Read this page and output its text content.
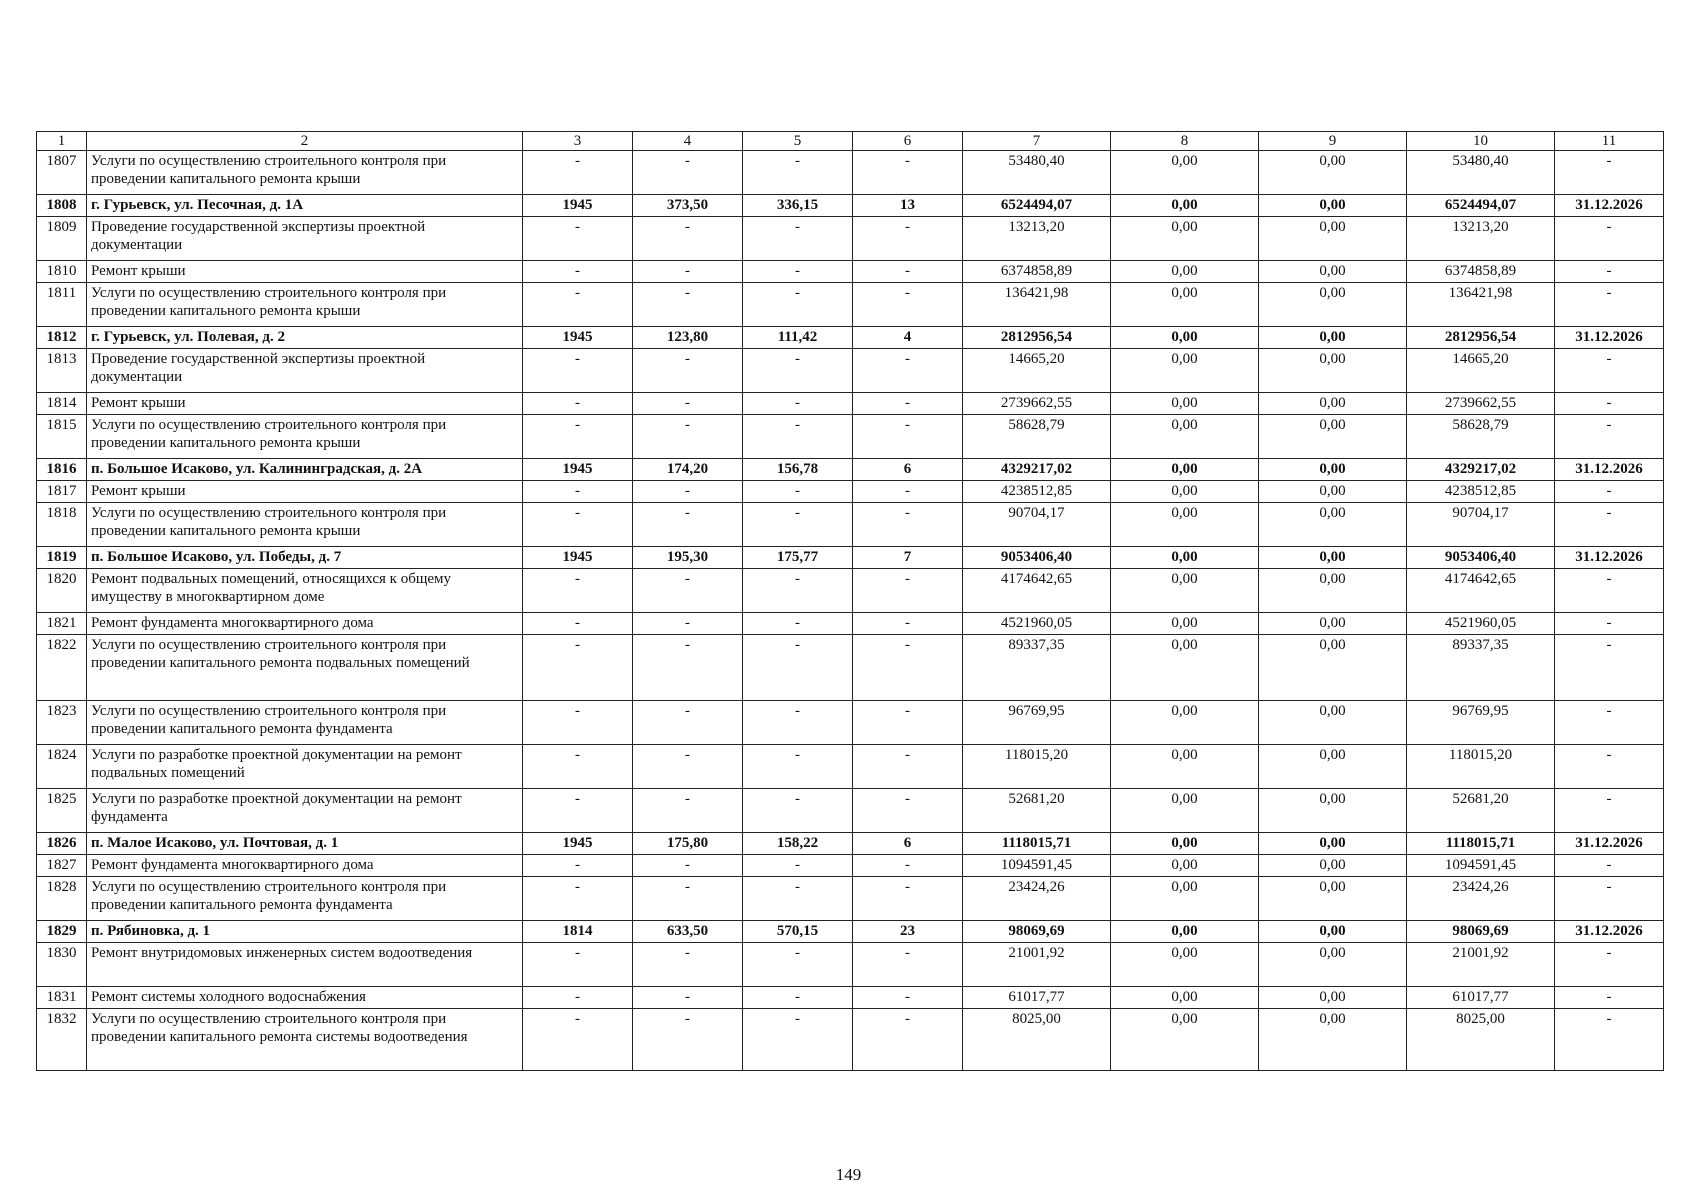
1	2	3	4	5	6	7	8	9	10	11
1807	Услуги по осуществлению строительного контроля при проведении капитального ремонта крыши	-	-	-	-	53480,40	0,00	0,00	53480,40	-
1808	г. Гурьевск, ул. Песочная, д. 1А	1945	373,50	336,15	13	6524494,07	0,00	0,00	6524494,07	31.12.2026
1809	Проведение государственной экспертизы проектной документации	-	-	-	-	13213,20	0,00	0,00	13213,20	-
1810	Ремонт крыши	-	-	-	-	6374858,89	0,00	0,00	6374858,89	-
1811	Услуги по осуществлению строительного контроля при проведении капитального ремонта крыши	-	-	-	-	136421,98	0,00	0,00	136421,98	-
1812	г. Гурьевск, ул. Полевая, д. 2	1945	123,80	111,42	4	2812956,54	0,00	0,00	2812956,54	31.12.2026
1813	Проведение государственной экспертизы проектной документации	-	-	-	-	14665,20	0,00	0,00	14665,20	-
1814	Ремонт крыши	-	-	-	-	2739662,55	0,00	0,00	2739662,55	-
1815	Услуги по осуществлению строительного контроля при проведении капитального ремонта крыши	-	-	-	-	58628,79	0,00	0,00	58628,79	-
1816	п. Большое Исаково, ул. Калининградская, д. 2А	1945	174,20	156,78	6	4329217,02	0,00	0,00	4329217,02	31.12.2026
1817	Ремонт крыши	-	-	-	-	4238512,85	0,00	0,00	4238512,85	-
1818	Услуги по осуществлению строительного контроля при проведении капитального ремонта крыши	-	-	-	-	90704,17	0,00	0,00	90704,17	-
1819	п. Большое Исаково, ул. Победы, д. 7	1945	195,30	175,77	7	9053406,40	0,00	0,00	9053406,40	31.12.2026
1820	Ремонт подвальных помещений, относящихся к общему имуществу в многоквартирном доме	-	-	-	-	4174642,65	0,00	0,00	4174642,65	-
1821	Ремонт фундамента многоквартирного дома	-	-	-	-	4521960,05	0,00	0,00	4521960,05	-
1822	Услуги по осуществлению строительного контроля при проведении капитального ремонта подвальных помещений	-	-	-	-	89337,35	0,00	0,00	89337,35	-
1823	Услуги по осуществлению строительного контроля при проведении капитального ремонта фундамента	-	-	-	-	96769,95	0,00	0,00	96769,95	-
1824	Услуги по разработке проектной документации на ремонт подвальных помещений	-	-	-	-	118015,20	0,00	0,00	118015,20	-
1825	Услуги по разработке проектной документации на ремонт фундамента	-	-	-	-	52681,20	0,00	0,00	52681,20	-
1826	п. Малое Исаково, ул. Почтовая, д. 1	1945	175,80	158,22	6	1118015,71	0,00	0,00	1118015,71	31.12.2026
1827	Ремонт фундамента многоквартирного дома	-	-	-	-	1094591,45	0,00	0,00	1094591,45	-
1828	Услуги по осуществлению строительного контроля при проведении капитального ремонта фундамента	-	-	-	-	23424,26	0,00	0,00	23424,26	-
1829	п. Рябиновка, д. 1	1814	633,50	570,15	23	98069,69	0,00	0,00	98069,69	31.12.2026
1830	Ремонт внутридомовых инженерных систем водоотведения	-	-	-	-	21001,92	0,00	0,00	21001,92	-
1831	Ремонт системы холодного водоснабжения	-	-	-	-	61017,77	0,00	0,00	61017,77	-
1832	Услуги по осуществлению строительного контроля при проведении капитального ремонта системы водоотведения	-	-	-	-	8025,00	0,00	0,00	8025,00	-
149
